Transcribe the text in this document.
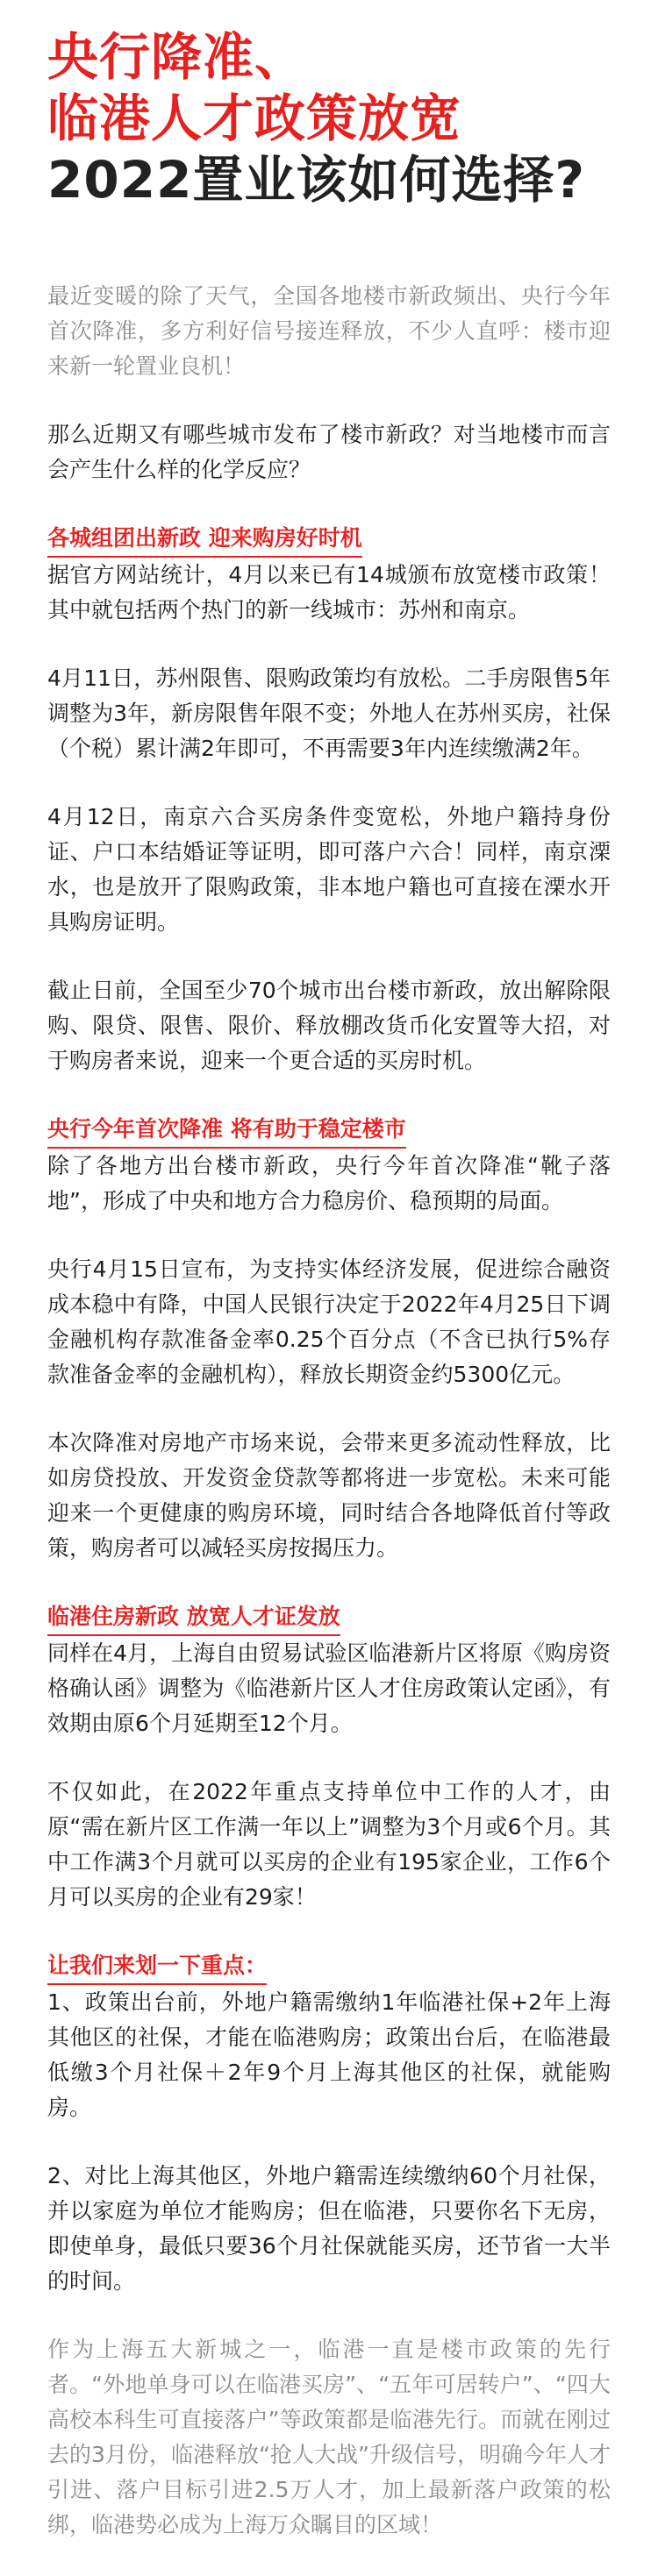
央行降准、
临港人才政策放宽
2022置业该如何选择?

最近变暖的除了天气，全国各地楼市新政频出、央行今年首次降准，多方利好信号接连释放，不少人直呼：楼市迎来新一轮置业良机！

那么近期又有哪些城市发布了楼市新政？对当地楼市而言会产生什么样的化学反应？

各城组团出新政 迎来购房好时机

据官方网站统计，4月以来已有14城颁布放宽楼市政策！其中就包括两个热门的新一线城市：苏州和南京。

4月11日，苏州限售、限购政策均有放松。二手房限售5年调整为3年，新房限售年限不变；外地人在苏州买房，社保（个税）累计满2年即可，不再需要3年内连续缴满2年。

4月12日，南京六合买房条件变宽松，外地户籍持身份证、户口本结婚证等证明，即可落户六合！同样，南京溧水，也是放开了限购政策，非本地户籍也可直接在溧水开具购房证明。

截止日前，全国至少70个城市出台楼市新政，放出解除限购、限贷、限售、限价、释放棚改货币化安置等大招，对于购房者来说，迎来一个更合适的买房时机。

央行今年首次降准 将有助于稳定楼市

除了各地方出台楼市新政，央行今年首次降准“靴子落地”，形成了中央和地方合力稳房价、稳预期的局面。

央行4月15日宣布，为支持实体经济发展，促进综合融资成本稳中有降，中国人民银行决定于2022年4月25日下调金融机构存款准备金率0.25个百分点（不含已执行5%存款准备金率的金融机构），释放长期资金约5300亿元。

本次降准对房地产市场来说，会带来更多流动性释放，比如房贷投放、开发资金贷款等都将进一步宽松。未来可能迎来一个更健康的购房环境，同时结合各地降低首付等政策，购房者可以减轻买房按揭压力。

临港住房新政 放宽人才证发放

同样在4月，上海自由贸易试验区临港新片区将原《购房资格确认函》调整为《临港新片区人才住房政策认定函》，有效期由原6个月延期至12个月。

不仅如此，在2022年重点支持单位中工作的人才，由原“需在新片区工作满一年以上”调整为3个月或6个月。其中工作满3个月就可以买房的企业有195家企业，工作6个月可以买房的企业有29家！

让我们来划一下重点：

1、政策出台前，外地户籍需缴纳1年临港社保+2年上海其他区的社保，才能在临港购房；政策出台后，在临港最低缴3个月社保＋2年9个月上海其他区的社保，就能购房。

2、对比上海其他区，外地户籍需连续缴纳60个月社保，并以家庭为单位才能购房；但在临港，只要你名下无房，即使单身，最低只要36个月社保就能买房，还节省一大半的时间。

作为上海五大新城之一，临港一直是楼市政策的先行者。“外地单身可以在临港买房”、“五年可居转户”、“四大高校本科生可直接落户”等政策都是临港先行。而就在刚过去的3月份，临港释放“抢人大战”升级信号，明确今年人才引进、落户目标引进2.5万人才，加上最新落户政策的松绑，临港势必成为上海万众瞩目的区域！
